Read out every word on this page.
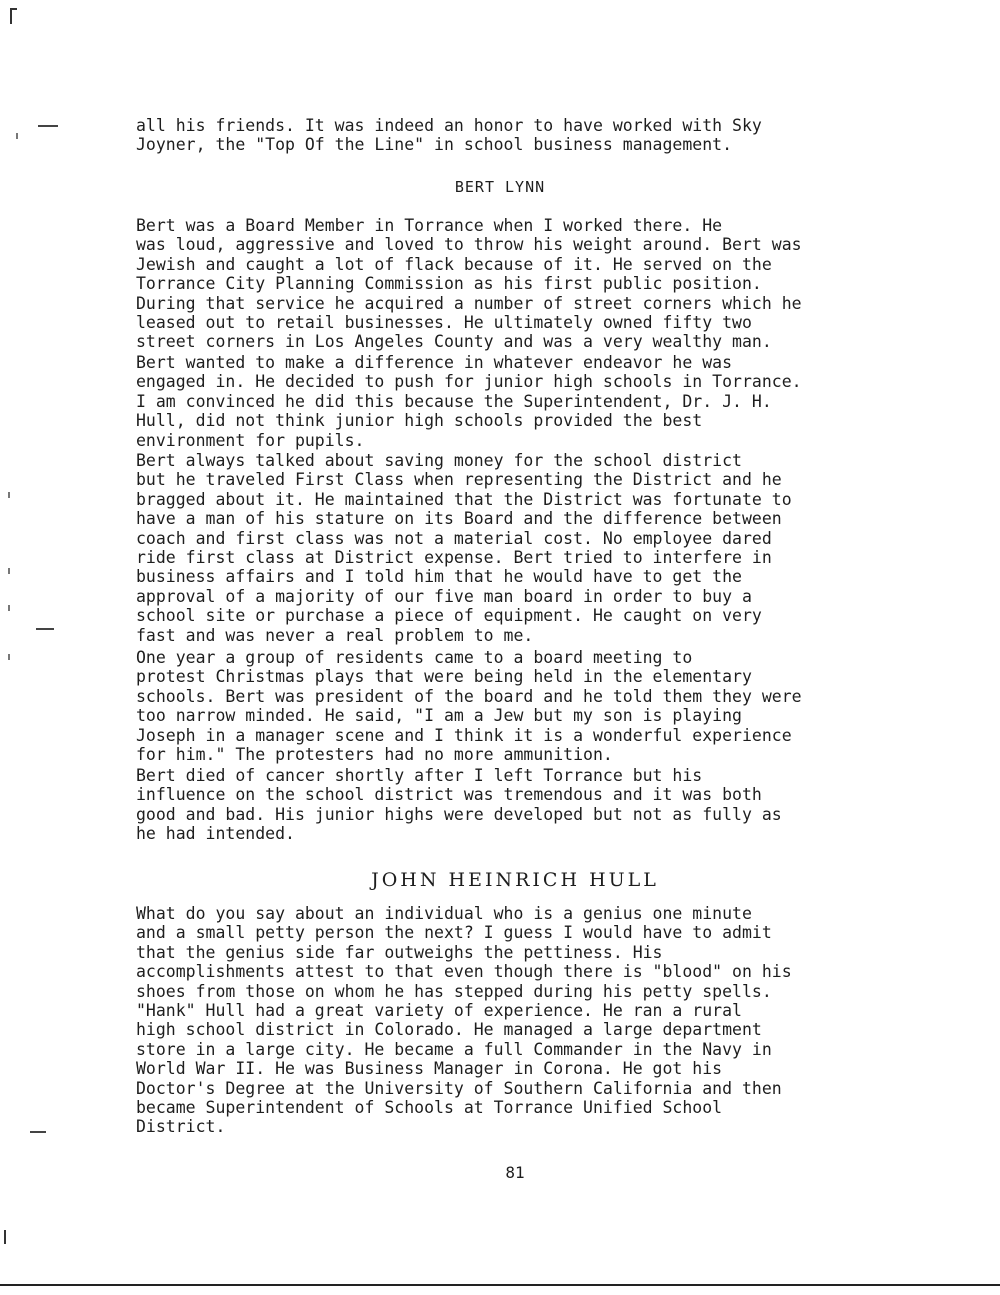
all his friends. It was indeed an honor to have worked with Sky
Joyner, the "Top Of the Line" in school business management.

BERT LYNN

Bert was a Board Member in Torrance when I worked there. He
was loud, aggressive and loved to throw his weight around. Bert was
Jewish and caught a lot of flack because of it. He served on the
Torrance City Planning Commission as his first public position.
During that service he acquired a number of street corners which he
leased out to retail businesses. He ultimately owned fifty two
street corners in Los Angeles County and was a very wealthy man.

Bert wanted to make a difference in whatever endeavor he was
engaged in. He decided to push for junior high schools in Torrance.
I am convinced he did this because the Superintendent, Dr. J. H.
Hull, did not think junior high schools provided the best
environment for pupils.

Bert always talked about saving money for the school district
but he traveled First Class when representing the District and he
bragged about it. He maintained that the District was fortunate to
have a man of his stature on its Board and the difference between
coach and first class was not a material cost. No employee dared
ride first class at District expense. Bert tried to interfere in
business affairs and I told him that he would have to get the
approval of a majority of our five man board in order to buy a
school site or purchase a piece of equipment. He caught on very
fast and was never a real problem to me.

One year a group of residents came to a board meeting to
protest Christmas plays that were being held in the elementary
schools. Bert was president of the board and he told them they were
too narrow minded. He said, "I am a Jew but my son is playing
Joseph in a manager scene and I think it is a wonderful experience
for him." The protesters had no more ammunition.

Bert died of cancer shortly after I left Torrance but his
influence on the school district was tremendous and it was both
good and bad. His junior highs were developed but not as fully as
he had intended.

JOHN HEINRICH HULL

What do you say about an individual who is a genius one minute
and a small petty person the next? I guess I would have to admit
that the genius side far outweighs the pettiness. His
accomplishments attest to that even though there is "blood" on his
shoes from those on whom he has stepped during his petty spells.

"Hank" Hull had a great variety of experience. He ran a rural
high school district in Colorado. He managed a large department
store in a large city. He became a full Commander in the Navy in
World War II. He was Business Manager in Corona. He got his
Doctor's Degree at the University of Southern California and then
became Superintendent of Schools at Torrance Unified School
District.

81
